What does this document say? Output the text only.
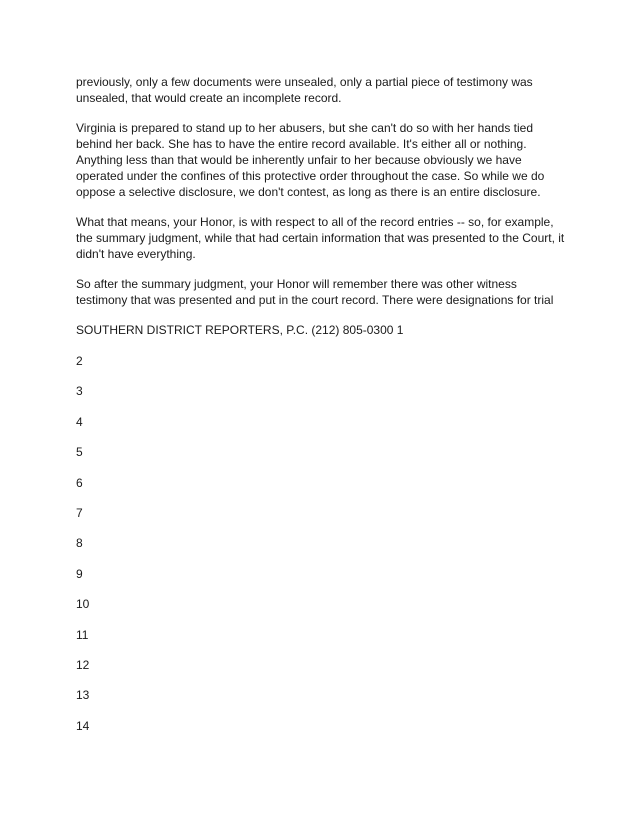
previously, only a few documents were unsealed, only a partial piece of testimony was unsealed, that would create an incomplete record.

Virginia is prepared to stand up to her abusers, but she can't do so with her hands tied behind her back. She has to have the entire record available. It's either all or nothing. Anything less than that would be inherently unfair to her because obviously we have operated under the confines of this protective order throughout the case. So while we do oppose a selective disclosure, we don't contest, as long as there is an entire disclosure.

What that means, your Honor, is with respect to all of the record entries -- so, for example, the summary judgment, while that had certain information that was presented to the Court, it didn't have everything.

So after the summary judgment, your Honor will remember there was other witness testimony that was presented and put in the court record. There were designations for trial

SOUTHERN DISTRICT REPORTERS, P.C. (212) 805-0300 1

2
3
4
5
6
7
8
9
10
11
12
13
14
